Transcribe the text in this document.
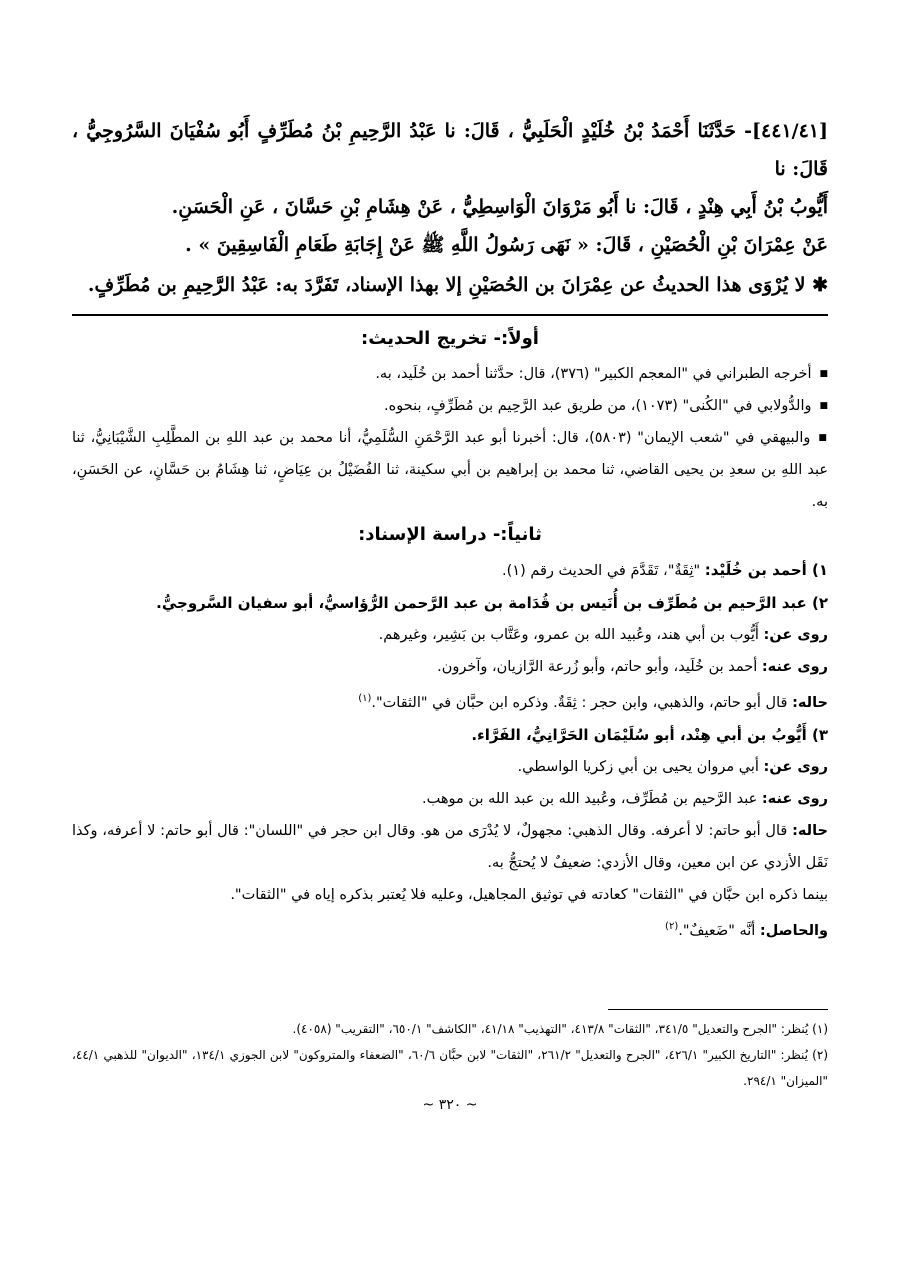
[٤٤١/٤١]- حَدَّثَنَا أَحْمَدُ بْنُ خُلَيْدٍ الْحَلَبِيُّ ، قَالَ: نا عَبْدُ الرَّحِيمِ بْنُ مُطَرِّفٍ أَبُو سُفْيَانَ السَّرُوجِيُّ ، قَالَ: نا

أَيُّوبُ بْنُ أَبِي هِنْدٍ ، قَالَ: نا أَبُو مَرْوَانَ الْوَاسِطِيُّ ، عَنْ هِشَامِ بْنِ حَسَّانَ ، عَنِ الْحَسَنِ.

عَنْ عِمْرَانَ بْنِ الْحُصَيْنِ ، قَالَ: « نَهَى رَسُولُ اللَّهِ ﷺ عَنْ إِجَابَةِ طَعَامِ الْفَاسِقِينَ » .

✱ لا يُرْوَى هذا الحديثُ عن عِمْرَانَ بن الحُصَيْنِ إلا بهذا الإسناد، تَفَرَّدَ به: عَبْدُ الرَّحِيمِ بن مُطَرِّفٍ.

أولاً:- تخريج الحديث:

■ أخرجه الطبراني في "المعجم الكبير" (٣٧٦)، قال: حدَّثنا أحمد بن خُلَيد، به.

■ والدُّولابي في "الكُنى" (١٠٧٣)، من طريق عبد الرَّحِيم بن مُطَرِّفٍ، بنحوه.

■ والبيهقي في "شعب الإيمان" (٥٨٠٣)، قال: أخبرنا أبو عبد الرَّحْمَنِ السُّلَمِيُّ، أنا محمد بن عبد اللهِ بن المطَّلِبِ الشَّيْبَانِيُّ، ثنا عبد اللهِ بن سعدِ بن يحيى القاضي، ثنا محمد بن إبراهيم بن أبي سكينة، ثنا الفُضَيْلُ بن عِيَاضٍ، ثنا هِشَامُ بن حَسَّانٍ، عن الحَسَنِ، به.

ثانياً:- دراسة الإسناد:

١) أحمد بن خُلَيْد: "ثِقَةٌ"، تَقَدَّمَ في الحديث رقم (١).

٢) عبد الرَّحيم بن مُطَرِّف بن أُنَيس بن قُدَامة بن عبد الرَّحمن الرُّؤاسيُّ، أبو سفيان السَّروجيُّ.

روى عن: أَيُّوب بن أبي هند، وعُبيد الله بن عمرو، وعَتَّاب بن بَشِير، وغيرهم.

روى عنه: أحمد بن خُلَيد، وأبو حاتم، وأبو زُرعة الرَّازيان، وآخرون.

حاله: قال أبو حاتم، والذهبي، وابن حجر : ثِقَةٌ. وذكره ابن حبَّان في "الثقات".$^{(١)}$

٣) أَيُّوبُ بن أبي هِنْد، أبو سُلَيْمَان الحَرَّانِيُّ، الفَرَّاء.

روى عن: أبي مروان يحيى بن أبي زكريا الواسطي.

روى عنه: عبد الرَّحيم بن مُطَرِّف، وعُبيد الله بن عبد الله بن موهب.

حاله: قال أبو حاتم: لا أعرفه. وقال الذهبي: مجهولٌ، لا يُدْرَى من هو. وقال ابن حجر في "اللسان": قال أبو حاتم: لا أعرفه، وكذا نَقَل الأزدي عن ابن معين، وقال الأزدي: ضعيفٌ لا يُحتجُّ به.

بينما ذكره ابن حبَّان في "الثقات" كعادته في توثيق المجاهيل، وعليه فلا يُعتبر بذكره إياه في "الثقات".

والحاصل: أنَّه "ضَعيفٌ".$^{(٢)}$

(١) يُنظر: "الجرح والتعديل" ٣٤١/٥، "الثقات" ٤١٣/٨، "التهذيب" ٤١/١٨، "الكاشف" ٦٥٠/١، "التقريب" (٤٠٥٨).

(٢) يُنظر: "التاريخ الكبير" ٤٢٦/١، "الجرح والتعديل" ٢٦١/٢، "الثقات" لابن حبَّان ٦٠/٦، "الضعفاء والمتروكون" لابن الجوزي ١٣٤/١، "الديوان" للذهبي ٤٤/١، "الميزان" ٢٩٤/١.

~ ٣٢٠ ~
